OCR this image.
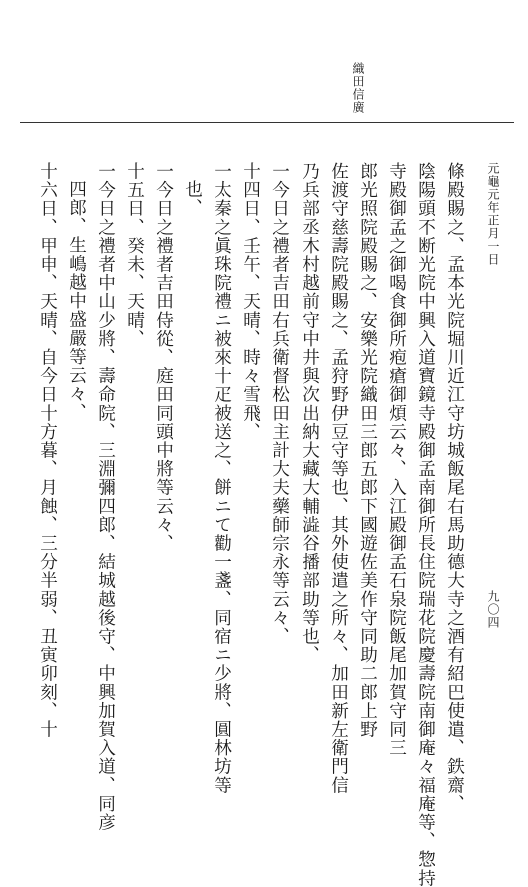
織田信廣
九〇四
元龜元年正月一日
條殿賜之、孟本光院堀川近江守坊城飯尾右馬助德大寺之酒有紹巴使遣、鉄齋、
陰陽頭不断光院中興入道寶鏡寺殿御孟南御所長住院瑞花院慶壽院南御庵々福庵等、惣持
寺殿御孟之御喝食御所疱瘡御煩云々、入江殿御孟石泉院飯尾加賀守同三
郎光照院殿賜之、安樂光院織田三郎五郎下國遊佐美作守同助二郎上野
佐渡守慈壽院殿賜之、孟狩野伊豆守等也、其外使遣之所々、加田新左衛門信
乃兵部丞木村越前守中井與次出納大藏大輔澁谷播部助等也、
一今日之禮者吉田右兵衛督松田主計大夫藥師宗永等云々、
十四日、壬午、天晴、時々雪飛、
一太秦之眞珠院禮ニ被來十疋被送之、餅ニて勸一盞、同宿ニ少將、圓林坊等
也、
一今日之禮者吉田侍從、庭田同頭中將等云々、
十五日、癸未、天晴、
一今日之禮者中山少將、壽命院、三淵彌四郎、結城越後守、中興加賀入道、同彦
四郎、生嶋越中盛嚴等云々、
十六日、甲申、天晴、自今日十方暮、月蝕、三分半弱、丑寅卯刻、十
